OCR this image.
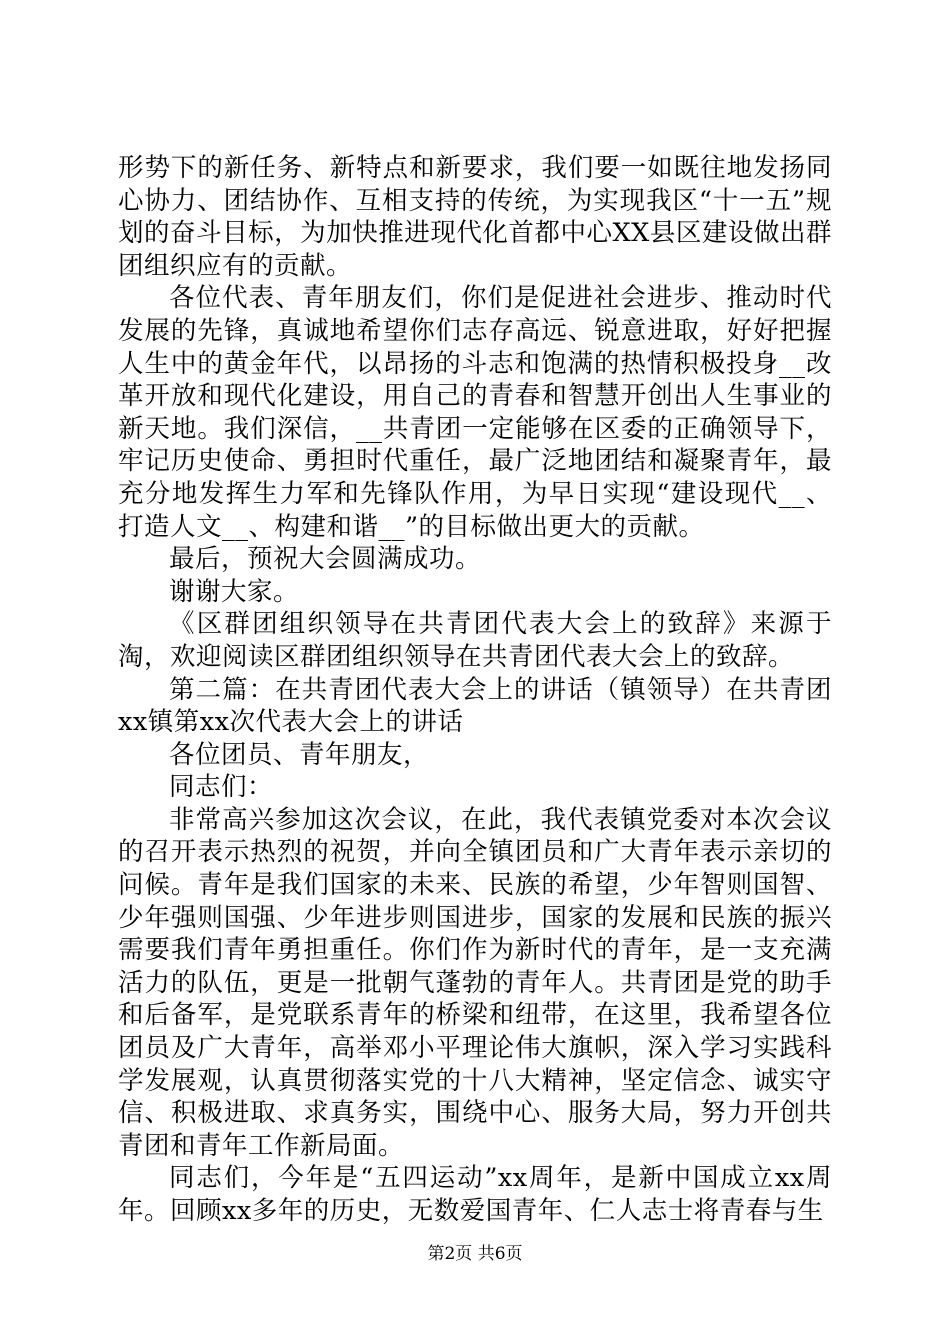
形势下的新任务、新特点和新要求，我们要一如既往地发扬同心协力、团结协作、互相支持的传统，为实现我区“十一五”规划的奋斗目标，为加快推进现代化首都中心XX县区建设做出群团组织应有的贡献。

各位代表、青年朋友们，你们是促进社会进步、推动时代发展的先锋，真诚地希望你们志存高远、锐意进取，好好把握人生中的黄金年代，以昂扬的斗志和饱满的热情积极投身__改革开放和现代化建设，用自己的青春和智慧开创出人生事业的新天地。我们深信，__共青团一定能够在区委的正确领导下，牢记历史使命、勇担时代重任，最广泛地团结和凝聚青年，最充分地发挥生力军和先锋队作用，为早日实现“建设现代__、打造人文__、构建和谐__”的目标做出更大的贡献。

最后，预祝大会圆满成功。

谢谢大家。

《区群团组织领导在共青团代表大会上的致辞》来源于淘，欢迎阅读区群团组织领导在共青团代表大会上的致辞。

第二篇：在共青团代表大会上的讲话（镇领导）在共青团xx镇第xx次代表大会上的讲话

各位团员、青年朋友，

同志们：

非常高兴参加这次会议，在此，我代表镇党委对本次会议的召开表示热烈的祝贺，并向全镇团员和广大青年表示亲切的问候。青年是我们国家的未来、民族的希望，少年智则国智、少年强则国强、少年进步则国进步，国家的发展和民族的振兴需要我们青年勇担重任。你们作为新时代的青年，是一支充满活力的队伍，更是一批朝气蓬勃的青年人。共青团是党的助手和后备军，是党联系青年的桥梁和纽带，在这里，我希望各位团员及广大青年，高举邓小平理论伟大旗帜，深入学习实践科学发展观，认真贯彻落实党的十八大精神，坚定信念、诚实守信、积极进取、求真务实，围绕中心、服务大局，努力开创共青团和青年工作新局面。

同志们，今年是“五四运动”xx周年，是新中国成立xx周年。回顾xx多年的历史，无数爱国青年、仁人志士将青春与生

第2页 共6页
